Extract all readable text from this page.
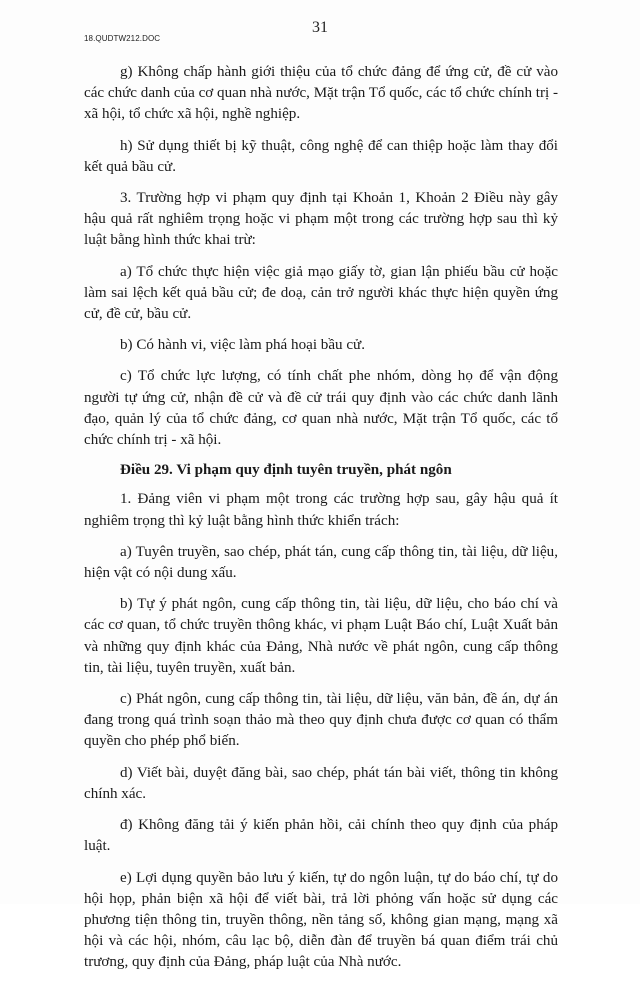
18.QUDTW212.DOC
31

g) Không chấp hành giới thiệu của tổ chức đảng để ứng cử, đề cử vào các chức danh của cơ quan nhà nước, Mặt trận Tổ quốc, các tổ chức chính trị - xã hội, tổ chức xã hội, nghề nghiệp.

h) Sử dụng thiết bị kỹ thuật, công nghệ để can thiệp hoặc làm thay đổi kết quả bầu cử.

3. Trường hợp vi phạm quy định tại Khoản 1, Khoản 2 Điều này gây hậu quả rất nghiêm trọng hoặc vi phạm một trong các trường hợp sau thì kỷ luật bằng hình thức khai trừ:

a) Tổ chức thực hiện việc giả mạo giấy tờ, gian lận phiếu bầu cử hoặc làm sai lệch kết quả bầu cử; đe doạ, cản trở người khác thực hiện quyền ứng cử, đề cử, bầu cử.

b) Có hành vi, việc làm phá hoại bầu cử.

c) Tổ chức lực lượng, có tính chất phe nhóm, dòng họ để vận động người tự ứng cử, nhận đề cử và đề cử trái quy định vào các chức danh lãnh đạo, quản lý của tổ chức đảng, cơ quan nhà nước, Mặt trận Tổ quốc, các tổ chức chính trị - xã hội.

Điều 29. Vi phạm quy định tuyên truyền, phát ngôn

1. Đảng viên vi phạm một trong các trường hợp sau, gây hậu quả ít nghiêm trọng thì kỷ luật bằng hình thức khiển trách:

a) Tuyên truyền, sao chép, phát tán, cung cấp thông tin, tài liệu, dữ liệu, hiện vật có nội dung xấu.

b) Tự ý phát ngôn, cung cấp thông tin, tài liệu, dữ liệu, cho báo chí và các cơ quan, tổ chức truyền thông khác, vi phạm Luật Báo chí, Luật Xuất bản và những quy định khác của Đảng, Nhà nước về phát ngôn, cung cấp thông tin, tài liệu, tuyên truyền, xuất bản.

c) Phát ngôn, cung cấp thông tin, tài liệu, dữ liệu, văn bản, đề án, dự án đang trong quá trình soạn thảo mà theo quy định chưa được cơ quan có thẩm quyền cho phép phổ biến.

d) Viết bài, duyệt đăng bài, sao chép, phát tán bài viết, thông tin không chính xác.

đ) Không đăng tải ý kiến phản hồi, cải chính theo quy định của pháp luật.

e) Lợi dụng quyền bảo lưu ý kiến, tự do ngôn luận, tự do báo chí, tự do hội họp, phản biện xã hội để viết bài, trả lời phỏng vấn hoặc sử dụng các phương tiện thông tin, truyền thông, nền tảng số, không gian mạng, mạng xã hội và các hội, nhóm, câu lạc bộ, diễn đàn để truyền bá quan điểm trái chủ trương, quy định của Đảng, pháp luật của Nhà nước.
